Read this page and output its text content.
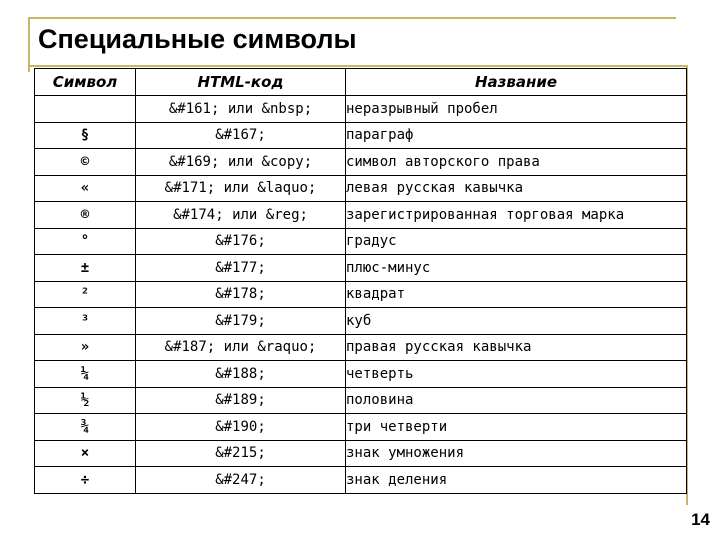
Специальные символы
Символ	HTML-код	Название
	&#161; или &nbsp;	неразрывный пробел
§	&#167;	параграф
©	&#169; или &copy;	символ авторского права
«	&#171; или &laquo;	левая русская кавычка
®	&#174; или &reg;	зарегистрированная торговая марка
°	&#176;	градус
±	&#177;	плюс-минус
²	&#178;	квадрат
³	&#179;	куб
»	&#187; или &raquo;	правая русская кавычка
¼	&#188;	четверть
½	&#189;	половина
¾	&#190;	три четверти
×	&#215;	знак умножения
÷	&#247;	знак деления
14
